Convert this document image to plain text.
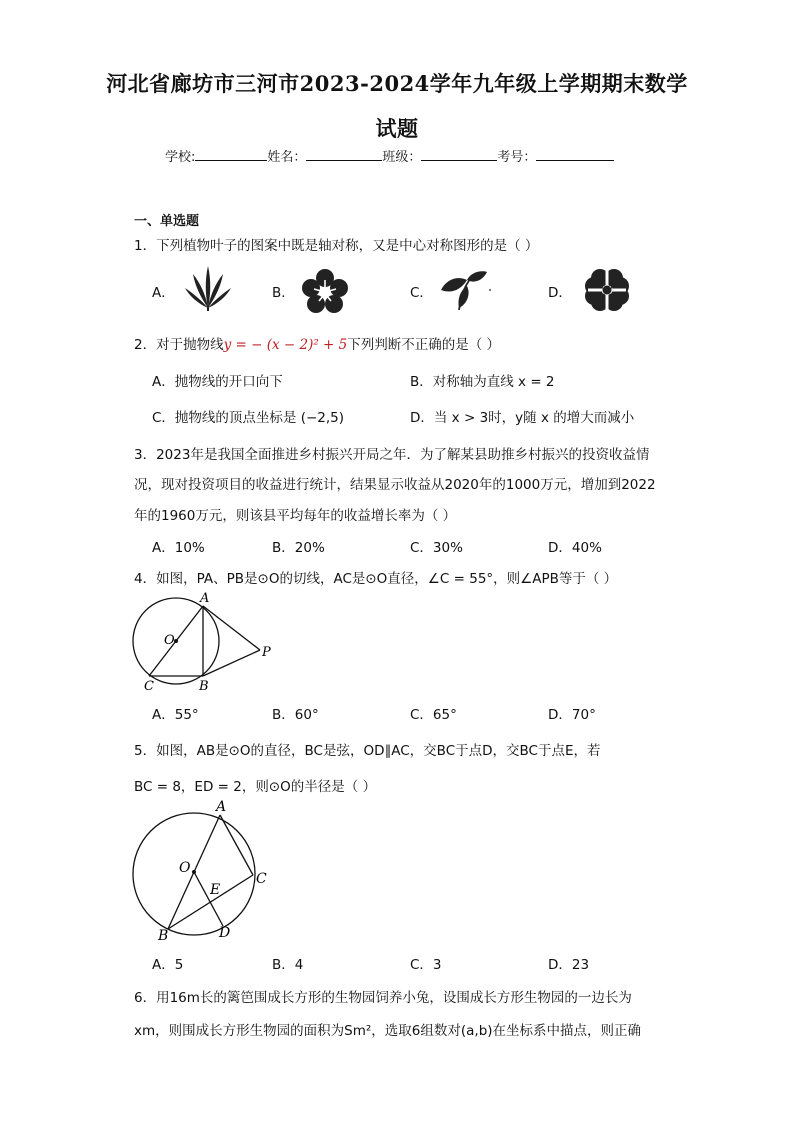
河北省廊坊市三河市2023-2024学年九年级上学期期末数学
试题
学校:	姓名：	班级：	考号：
一、单选题
1．下列植物叶子的图案中既是轴对称，又是中心对称图形的是（ ）
A．	B．	C．	D．
2．对于抛物线y = − (x − 2)² + 5下列判断不正确的是（ ）
A．抛物线的开口向下	B．对称轴为直线 x = 2
C．抛物线的顶点坐标是 (−2,5)	D．当 x > 3时，y随 x 的增大而减小
3．2023年是我国全面推进乡村振兴开局之年．为了解某县助推乡村振兴的投资收益情
况，现对投资项目的收益进行统计，结果显示收益从2020年的1000万元，增加到2022
年的1960万元，则该县平均每年的收益增长率为（ ）
A．10%	B．20%	C．30%	D．40%
4．如图，PA、PB是⊙O的切线，AC是⊙O直径，∠C = 55°，则∠APB等于（ ）
A
O
P
C	B
A．55°	B．60°	C．65°	D．70°
5．如图，AB是⊙O的直径，BC是弦，OD∥AC，交BC于点D，交BC于点E，若
BC = 8，ED = 2，则⊙O的半径是（ ）
A
O
E
C
B	D
A．5	B．4	C．3	D．23
6．用16m长的篱笆围成长方形的生物园饲养小兔，设围成长方形生物园的一边长为
xm，则围成长方形生物园的面积为Sm²，选取6组数对(a,b)在坐标系中描点，则正确
